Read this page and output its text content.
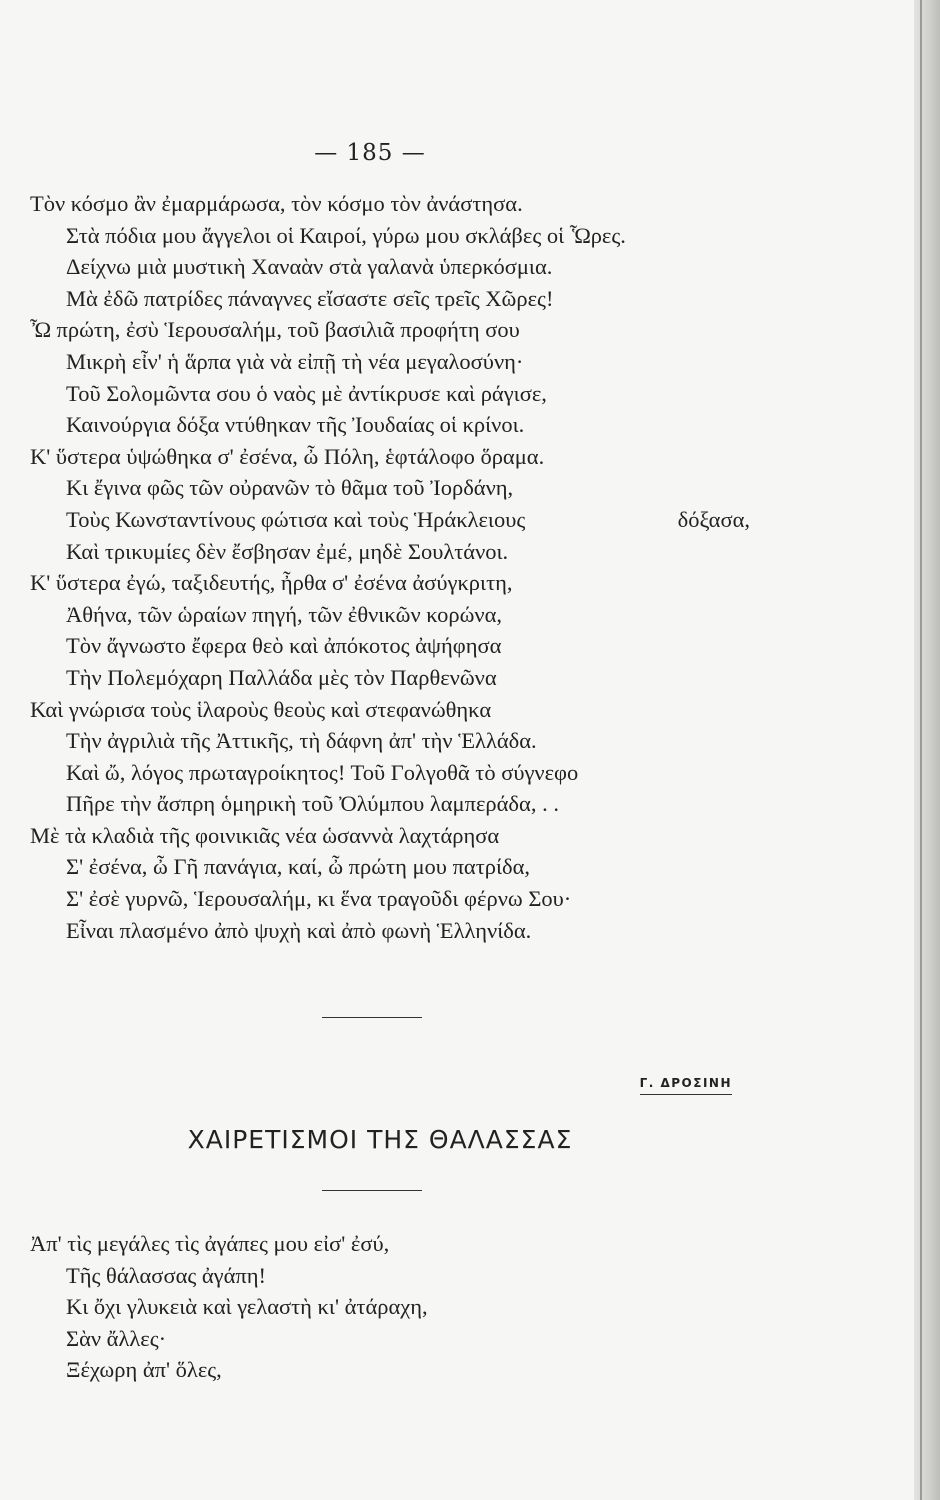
— 185 —
Τὸν κόσμο ἂν ἐμαρμάρωσα, τὸν κόσμο τὸν ἀνάστησα.
Στὰ πόδια μου ἄγγελοι οἱ Καιροί, γύρω μου σκλάβες οἱ Ὧρες.
Δείχνω μιὰ μυστικὴ Χαναὰν στὰ γαλανὰ ὑπερκόσμια.
Μὰ ἐδῶ πατρίδες πάναγνες εἴσαστε σεῖς τρεῖς Χῶρες!
Ὦ πρώτη, ἐσὺ Ἱερουσαλήμ, τοῦ βασιλιᾶ προφήτη σου
Μικρὴ εἶν' ἡ ἅρπα γιὰ νὰ εἰπῇ τὴ νέα μεγαλοσύνη·
Τοῦ Σολομῶντα σου ὁ ναὸς μὲ ἀντίκρυσε καὶ ράγισε,
Καινούργια δόξα ντύθηκαν τῆς Ἰουδαίας οἱ κρίνοι.
Κ' ὕστερα ὑψώθηκα σ' ἐσένα, ὦ Πόλη, ἑφτάλοφο ὅραμα.
Κι ἔγινα φῶς τῶν οὐρανῶν τὸ θᾶμα τοῦ Ἰορδάνη,
Τοὺς Κωνσταντίνους φώτισα καὶ τοὺς Ἡράκλειους	δόξασα,
Καὶ τρικυμίες δὲν ἔσβησαν ἐμέ, μηδὲ Σουλτάνοι.
Κ' ὕστερα ἐγώ, ταξιδευτής, ἦρθα σ' ἐσένα ἀσύγκριτη,
Ἀθήνα, τῶν ὡραίων πηγή, τῶν ἐθνικῶν κορώνα,
Τὸν ἄγνωστο ἔφερα θεὸ καὶ ἀπόκοτος ἀψήφησα
Τὴν Πολεμόχαρη Παλλάδα μὲς τὸν Παρθενῶνα
Καὶ γνώρισα τοὺς ἱλαροὺς θεοὺς καὶ στεφανώθηκα
Τὴν ἀγριλιὰ τῆς Ἀττικῆς, τὴ δάφνη ἀπ' τὴν Ἑλλάδα.
Καὶ ὤ, λόγος πρωταγροίκητος! Τοῦ Γολγοθᾶ τὸ σύγνεφο
Πῆρε τὴν ἄσπρη ὁμηρικὴ τοῦ Ὀλύμπου λαμπεράδα, . .
Μὲ τὰ κλαδιὰ τῆς φοινικιᾶς νέα ὡσαννὰ λαχτάρησα
Σ' ἐσένα, ὦ Γῆ πανάγια, καί, ὦ πρώτη μου πατρίδα,
Σ' ἐσὲ γυρνῶ, Ἱερουσαλήμ, κι ἕνα τραγοῦδι φέρνω Σου·
Εἶναι πλασμένο ἀπὸ ψυχὴ καὶ ἀπὸ φωνὴ Ἑλληνίδα.
Γ. ΔΡΟΣΙΝΗ
ΧΑΙΡΕΤΙΣΜΟΙ ΤΗΣ ΘΑΛΑΣΣΑΣ
Ἀπ' τὶς μεγάλες τὶς ἀγάπες μου εἰσ' ἐσύ,
Τῆς θάλασσας ἀγάπη!
Κι ὄχι γλυκειὰ καὶ γελαστὴ κι' ἀτάραχη,
Σὰν ἄλλες·
Ξέχωρη ἀπ' ὅλες,
